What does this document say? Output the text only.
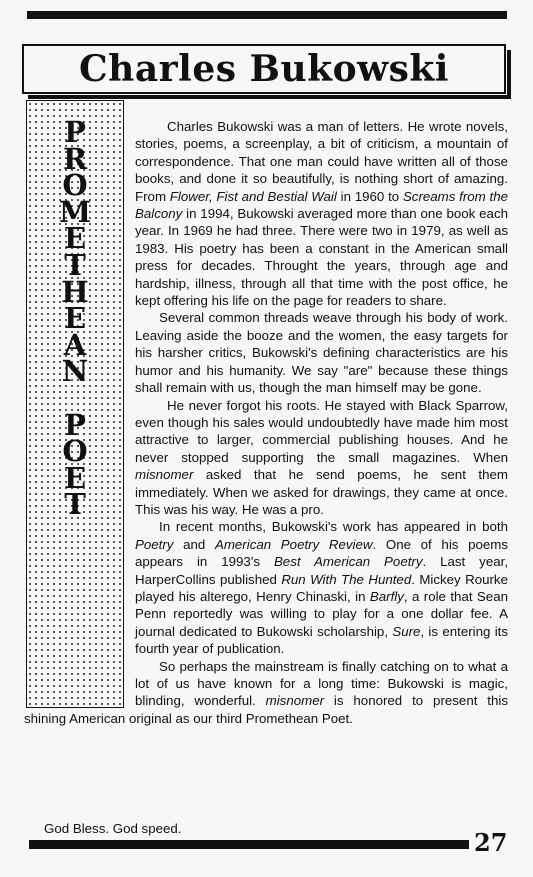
Charles Bukowski
P
R
O
M
E
T
H
E
A
N
P
O
E
T

Charles Bukowski was a man of letters. He wrote novels, stories, poems, a screenplay, a bit of criticism, a mountain of correspondence. That one man could have written all of those books, and done it so beautifully, is nothing short of amazing. From Flower, Fist and Bestial Wail in 1960 to Screams from the Balcony in 1994, Bukowski averaged more than one book each year. In 1969 he had three. There were two in 1979, as well as 1983. His poetry has been a constant in the American small press for decades. Throught the years, through age and hardship, illness, through all that time with the post office, he kept offering his life on the page for readers to share.

Several common threads weave through his body of work. Leaving aside the booze and the women, the easy targets for his harsher critics, Bukowski's defining characteristics are his humor and his humanity. We say "are" because these things shall remain with us, though the man himself may be gone.

He never forgot his roots. He stayed with Black Sparrow, even though his sales would undoubtedly have made him most attractive to larger, commercial publishing houses. And he never stopped supporting the small magazines. When misnomer asked that he send poems, he sent them immediately. When we asked for drawings, they came at once. This was his way. He was a pro.

In recent months, Bukowski's work has appeared in both Poetry and American Poetry Review. One of his poems appears in 1993's Best American Poetry. Last year, HarperCollins published Run With The Hunted. Mickey Rourke played his alterego, Henry Chinaski, in Barfly, a role that Sean Penn reportedly was willing to play for a one dollar fee. A journal dedicated to Bukowski scholarship, Sure, is entering its fourth year of publication.

So perhaps the mainstream is finally catching on to what a lot of us have known for a long time: Bukowski is magic, blinding, wonderful. misnomer is honored to present this shining American original as our third Promethean Poet.

God Bless. God speed.	27
